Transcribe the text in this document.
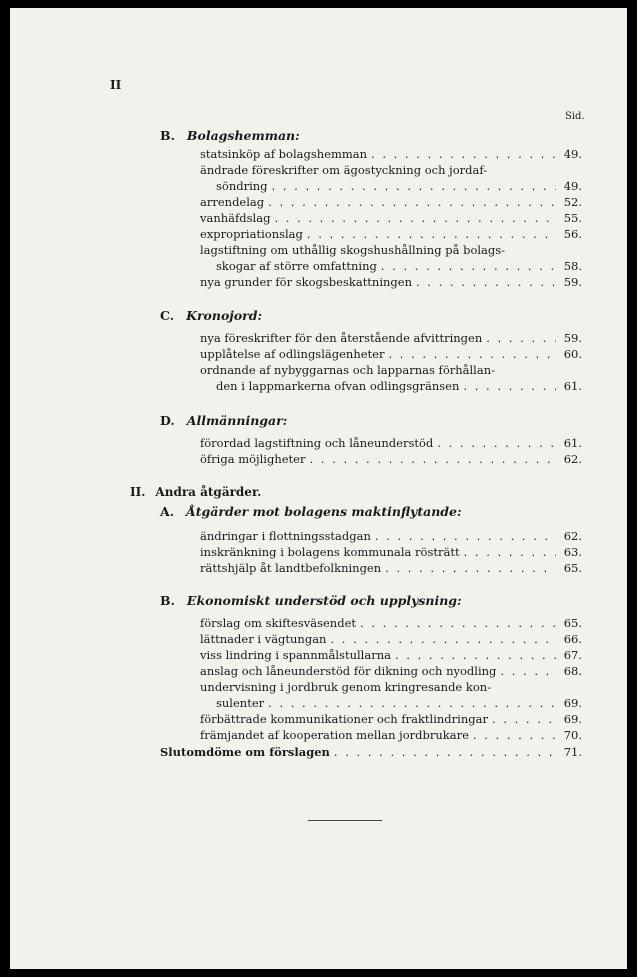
II
Sid.
B. Bolagshemman:
statsinköp af bolagshemman . . .	49.
ändrade föreskrifter om ägostyckning och jordaf-
söndring . . .	49.
arrendelag . . .	52.
vanhäfdslag . . .	55.
expropriationslag . . .	56.
lagstiftning om uthållig skogshushållning på bolags-
skogar af större omfattning . . .	58.
nya grunder för skogsbeskattningen . . .	59.
C. Kronojord:
nya föreskrifter för den återstående afvittringen . . .	59.
upplåtelse af odlingslägenheter . . .	60.
ordnande af nybyggarnas och lapparnas förhållan-
den i lappmarkerna ofvan odlingsgränsen . . .	61.
D. Allmänningar:
förordad lagstiftning och låneunderstöd . . .	61.
öfriga möjligheter . . .	62.
II. Andra åtgärder.
A. Åtgärder mot bolagens maktinflytande:
ändringar i flottningsstadgan . . .	62.
inskränkning i bolagens kommunala rösträtt . . .	63.
rättshjälp åt landtbefolkningen . . .	65.
B. Ekonomiskt understöd och upplysning:
förslag om skiftesväsendet . . .	65.
lättnader i vägtungan . . .	66.
viss lindring i spannmålstullarna . . .	67.
anslag och låneunderstöd för dikning och nyodling . . .	68.
undervisning i jordbruk genom kringresande kon-
sulenter . . .	69.
förbättrade kommunikationer och fraktlindringar . . .	69.
främjandet af kooperation mellan jordbrukare . . .	70.
Slutomdöme om förslagen . . .	71.
